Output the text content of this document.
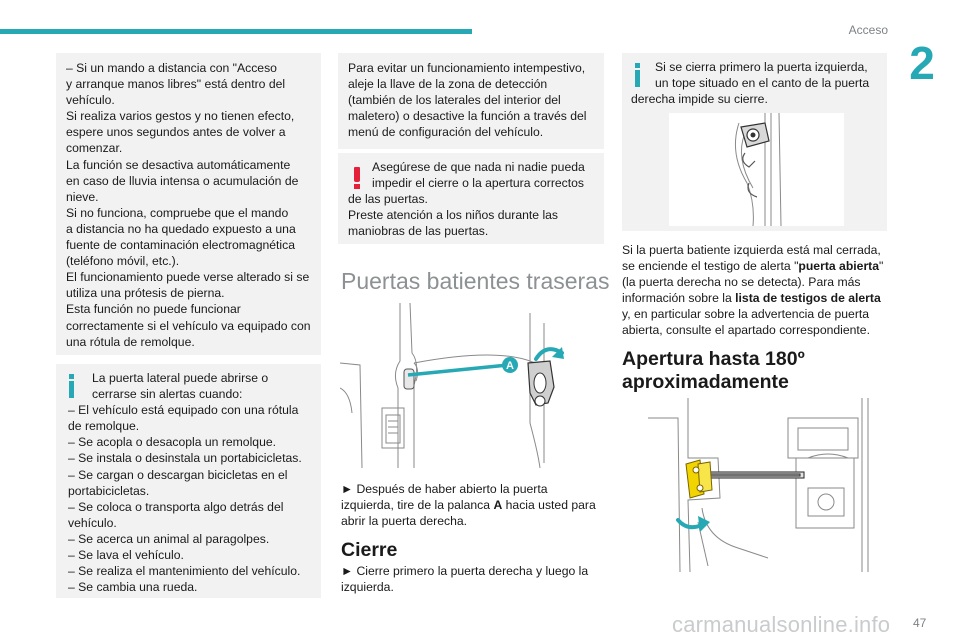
Acceso
2

– Si un mando a distancia con "Acceso

y arranque manos libres" está dentro del

vehículo.

Si realiza varios gestos y no tienen efecto,

espere unos segundos antes de volver a

comenzar.

La función se desactiva automáticamente

en caso de lluvia intensa o acumulación de

nieve.

Si no funciona, compruebe que el mando

a distancia no ha quedado expuesto a una

fuente de contaminación electromagnética

(teléfono móvil, etc.).

El funcionamiento puede verse alterado si se

utiliza una prótesis de pierna.

Esta función no puede funcionar

correctamente si el vehículo va equipado con

una rótula de remolque.

La puerta lateral puede abrirse o

cerrarse sin alertas cuando:

– El vehículo está equipado con una rótula

de remolque.

– Se acopla o desacopla un remolque.

– Se instala o desinstala un portabicicletas.

– Se cargan o descargan bicicletas en el

portabicicletas.

– Se coloca o transporta algo detrás del

vehículo.

– Se acerca un animal al paragolpes.

– Se lava el vehículo.

– Se realiza el mantenimiento del vehículo.

– Se cambia una rueda.

Para evitar un funcionamiento intempestivo,

aleje la llave de la zona de detección

(también de los laterales del interior del

maletero) o desactive la función a través del

menú de configuración del vehículo.

Asegúrese de que nada ni nadie pueda

impedir el cierre o la apertura correctos

de las puertas.

Preste atención a los niños durante las

maniobras de las puertas.

Puertas batientes traseras
A

► Después de haber abierto la puerta

izquierda, tire de la palanca A hacia usted para

abrir la puerta derecha.

Cierre

► Cierre primero la puerta derecha y luego la

izquierda.

Si se cierra primero la puerta izquierda,

un tope situado en el canto de la puerta

derecha impide su cierre.

Si la puerta batiente izquierda está mal cerrada,

se enciende el testigo de alerta "puerta abierta"

(la puerta derecha no se detecta). Para más

información sobre la lista de testigos de alerta

y, en particular sobre la advertencia de puerta

abierta, consulte el apartado correspondiente.

Apertura hasta 180º

aproximadamente

carmanualsonline.info 47
